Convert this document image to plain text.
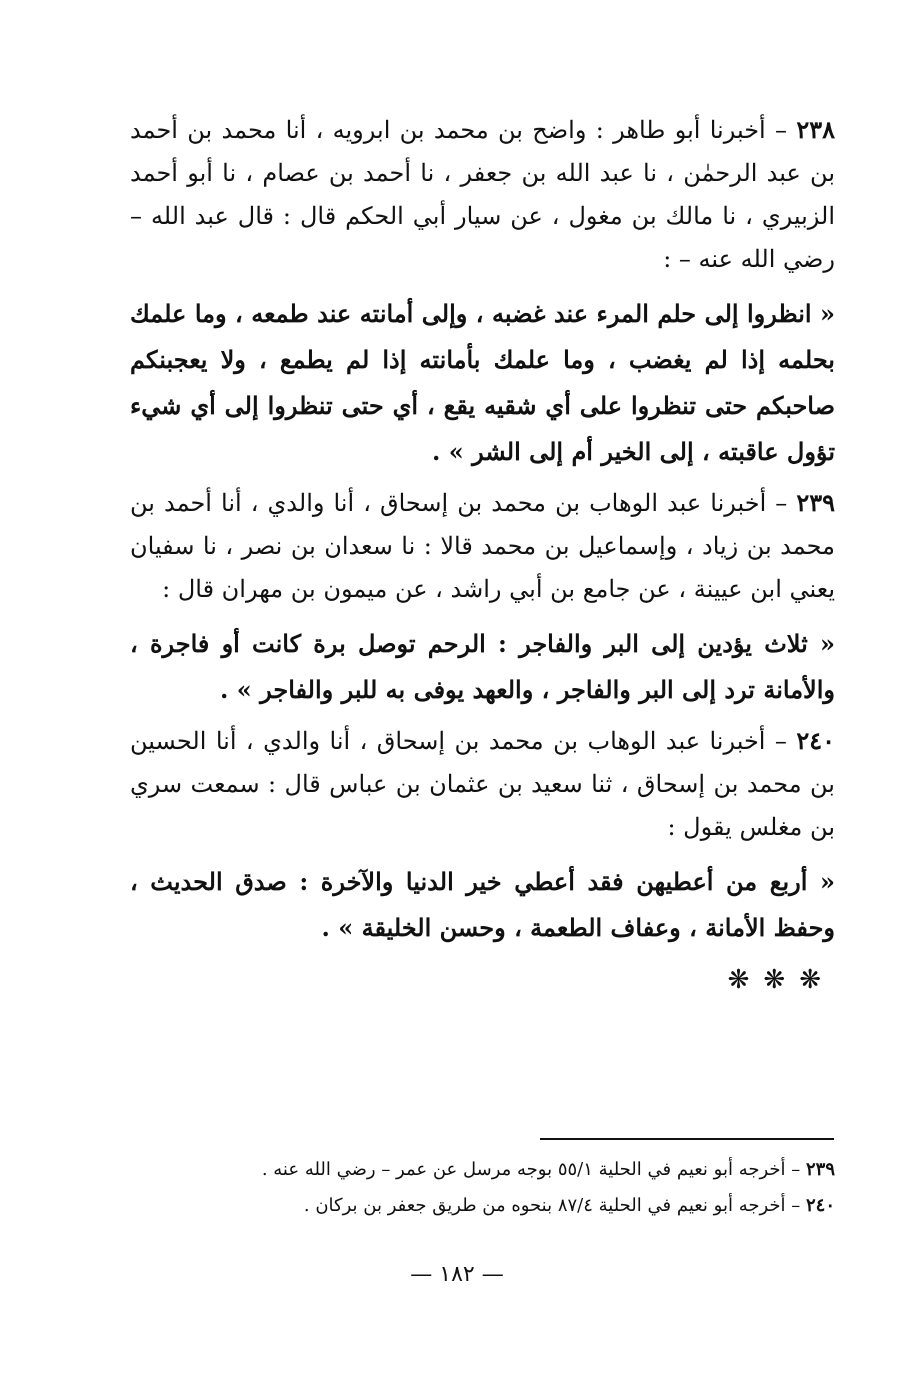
٢٣٨ – أخبرنا أبو طاهر : واضح بن محمد بن ابرويه ، أنا محمد بن أحمد بن عبد الرحمٰن ، نا عبد الله بن جعفر ، نا أحمد بن عصام ، نا أبو أحمد الزبيري ، نا مالك بن مغول ، عن سيار أبي الحكم قال : قال عبد الله – رضي الله عنه – :

« انظروا إلى حلم المرء عند غضبه ، وإلى أمانته عند طمعه ، وما علمك بحلمه إذا لم يغضب ، وما علمك بأمانته إذا لم يطمع ، ولا يعجبنكم صاحبكم حتى تنظروا على أي شقيه يقع ، أي حتى تنظروا إلى أي شيء تؤول عاقبته ، إلى الخير أم إلى الشر » .

٢٣٩ – أخبرنا عبد الوهاب بن محمد بن إسحاق ، أنا والدي ، أنا أحمد بن محمد بن زياد ، وإسماعيل بن محمد قالا : نا سعدان بن نصر ، نا سفيان يعني ابن عيينة ، عن جامع بن أبي راشد ، عن ميمون بن مهران قال :

« ثلاث يؤدين إلى البر والفاجر : الرحم توصل برة كانت أو فاجرة ، والأمانة ترد إلى البر والفاجر ، والعهد يوفى به للبر والفاجر » .

٢٤٠ – أخبرنا عبد الوهاب بن محمد بن إسحاق ، أنا والدي ، أنا الحسين بن محمد بن إسحاق ، ثنا سعيد بن عثمان بن عباس قال : سمعت سري بن مغلس يقول :

« أربع من أعطيهن فقد أعطي خير الدنيا والآخرة : صدق الحديث ، وحفظ الأمانة ، وعفاف الطعمة ، وحسن الخليقة » .

❋❋❋

٢٣٩ – أخرجه أبو نعيم في الحلية ٥٥/١ بوجه مرسل عن عمر – رضي الله عنه .

٢٤٠ – أخرجه أبو نعيم في الحلية ٨٧/٤ بنحوه من طريق جعفر بن بركان .

— ١٨٢ —
